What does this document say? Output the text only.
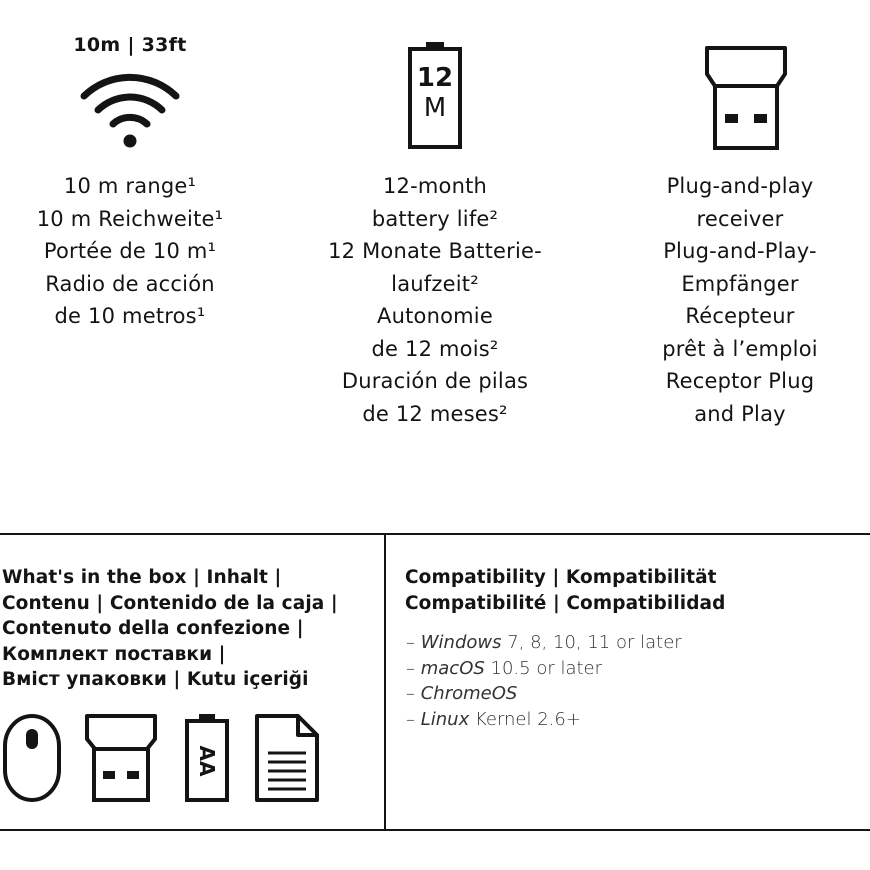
10m | 33ft
10 m range¹
10 m Reichweite¹
Portée de 10 m¹
Radio de acción
de 10 metros¹
12
M
12-month
battery life²
12 Monate Batterie-
laufzeit²
Autonomie
de 12 mois²
Duración de pilas
de 12 meses²
Plug-and-play
receiver
Plug-and-Play-
Empfänger
Récepteur
prêt à l’emploi
Receptor Plug
and Play
What's in the box | Inhalt |
Contenu | Contenido de la caja |
Contenuto della confezione |
Комплект поставки |
Вміст упаковки | Kutu içeriği
AA
Compatibility | Kompatibilität
Compatibilité | Compatibilidad
– Windows 7, 8, 10, 11 or later
– macOS 10.5 or later
– ChromeOS
– Linux Kernel 2.6+
